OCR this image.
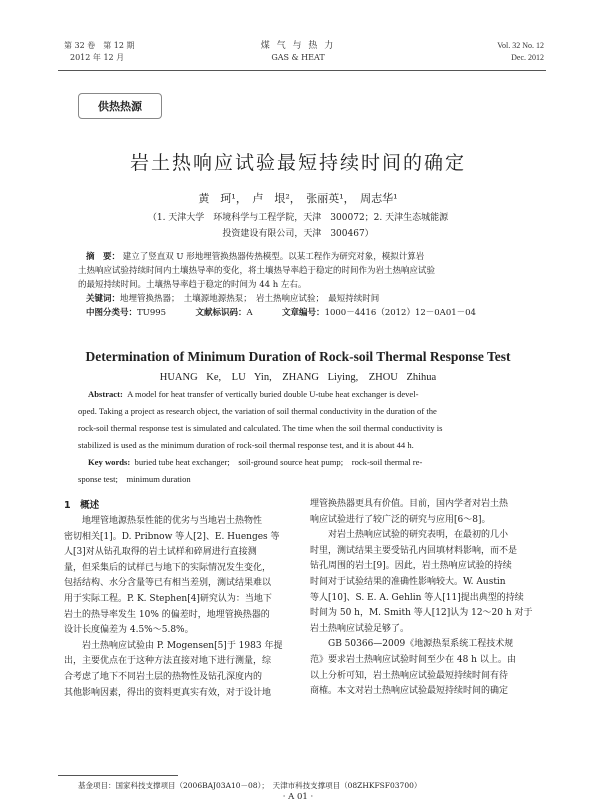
第 32 卷　第 12 期
2012 年 12 月
煤 气 与 热 力
GAS & HEAT
Vol. 32 No. 12
Dec. 2012
供热热源
岩土热响应试验最短持续时间的确定
黄　珂¹，　卢　垠²，　张丽英¹，　周志华¹
（1. 天津大学　环境科学与工程学院，天津　300072；2. 天津生态城能源
投资建设有限公司，天津　300467）
摘　要： 建立了竖直双 U 形地埋管换热器传热模型。以某工程作为研究对象，模拟计算岩
土热响应试验持续时间内土壤热导率的变化，将土壤热导率趋于稳定的时间作为岩土热响应试验
的最短持续时间。土壤热导率趋于稳定的时间为 44 h 左右。
关键词：地埋管换热器；　土壤源地源热泵；　岩土热响应试验；　最短持续时间
中图分类号：TU995	文献标识码：A	文章编号：1000－4416（2012）12－0A01－04
Determination of Minimum Duration of Rock-soil Thermal Response Test
HUANG Ke,　LU Yin,　ZHANG Liying,　ZHOU Zhihua
Abstract: A model for heat transfer of vertically buried double U-tube heat exchanger is devel-
oped. Taking a project as research object, the variation of soil thermal conductivity in the duration of the
rock-soil thermal response test is simulated and calculated. The time when the soil thermal conductivity is
stabilized is used as the minimum duration of rock-soil thermal response test, and it is about 44 h.
Key words: buried tube heat exchanger;　soil-ground source heat pump;　rock-soil thermal re-
sponse test;　minimum duration
1　概述
地埋管地源热泵性能的优劣与当地岩土热物性
密切相关[1]。D. Pribnow 等人[2]、E. Huenges 等
人[3]对从钻孔取得的岩土试样和碎屑进行直接测
量，但采集后的试样已与地下的实际情况发生变化，
包括结构、水分含量等已有相当差别，测试结果难以
用于实际工程。P. K. Stephen[4]研究认为：当地下
岩土的热导率发生 10% 的偏差时，地埋管换热器的
设计长度偏差为 4.5%～5.8%。
岩土热响应试验由 P. Mogensen[5]于 1983 年提
出，主要优点在于这种方法直接对地下进行测量，综
合考虑了地下不同岩土层的热物性及钻孔深度内的
其他影响因素，得出的资料更真实有效，对于设计地
埋管换热器更具有价值。目前，国内学者对岩土热
响应试验进行了较广泛的研究与应用[6～8]。
对岩土热响应试验的研究表明，在最初的几小
时里，测试结果主要受钻孔内回填材料影响，而不是
钻孔周围的岩土[9]。因此，岩土热响应试验的持续
时间对于试验结果的准确性影响较大。W. Austin
等人[10]、S. E. A. Gehlin 等人[11]提出典型的持续
时间为 50 h，M. Smith 等人[12]认为 12～20 h 对于
岩土热响应试验足够了。
GB 50366—2009《地源热泵系统工程技术规
范》要求岩土热响应试验时间至少在 48 h 以上。由
以上分析可知，岩土热响应试验最短持续时间有待
商榷。本文对岩土热响应试验最短持续时间的确定
基金项目：国家科技支撑项目（2006BAJ03A10－08）；　天津市科技支撑项目（08ZHKFSF03700）
· A 01 ·
